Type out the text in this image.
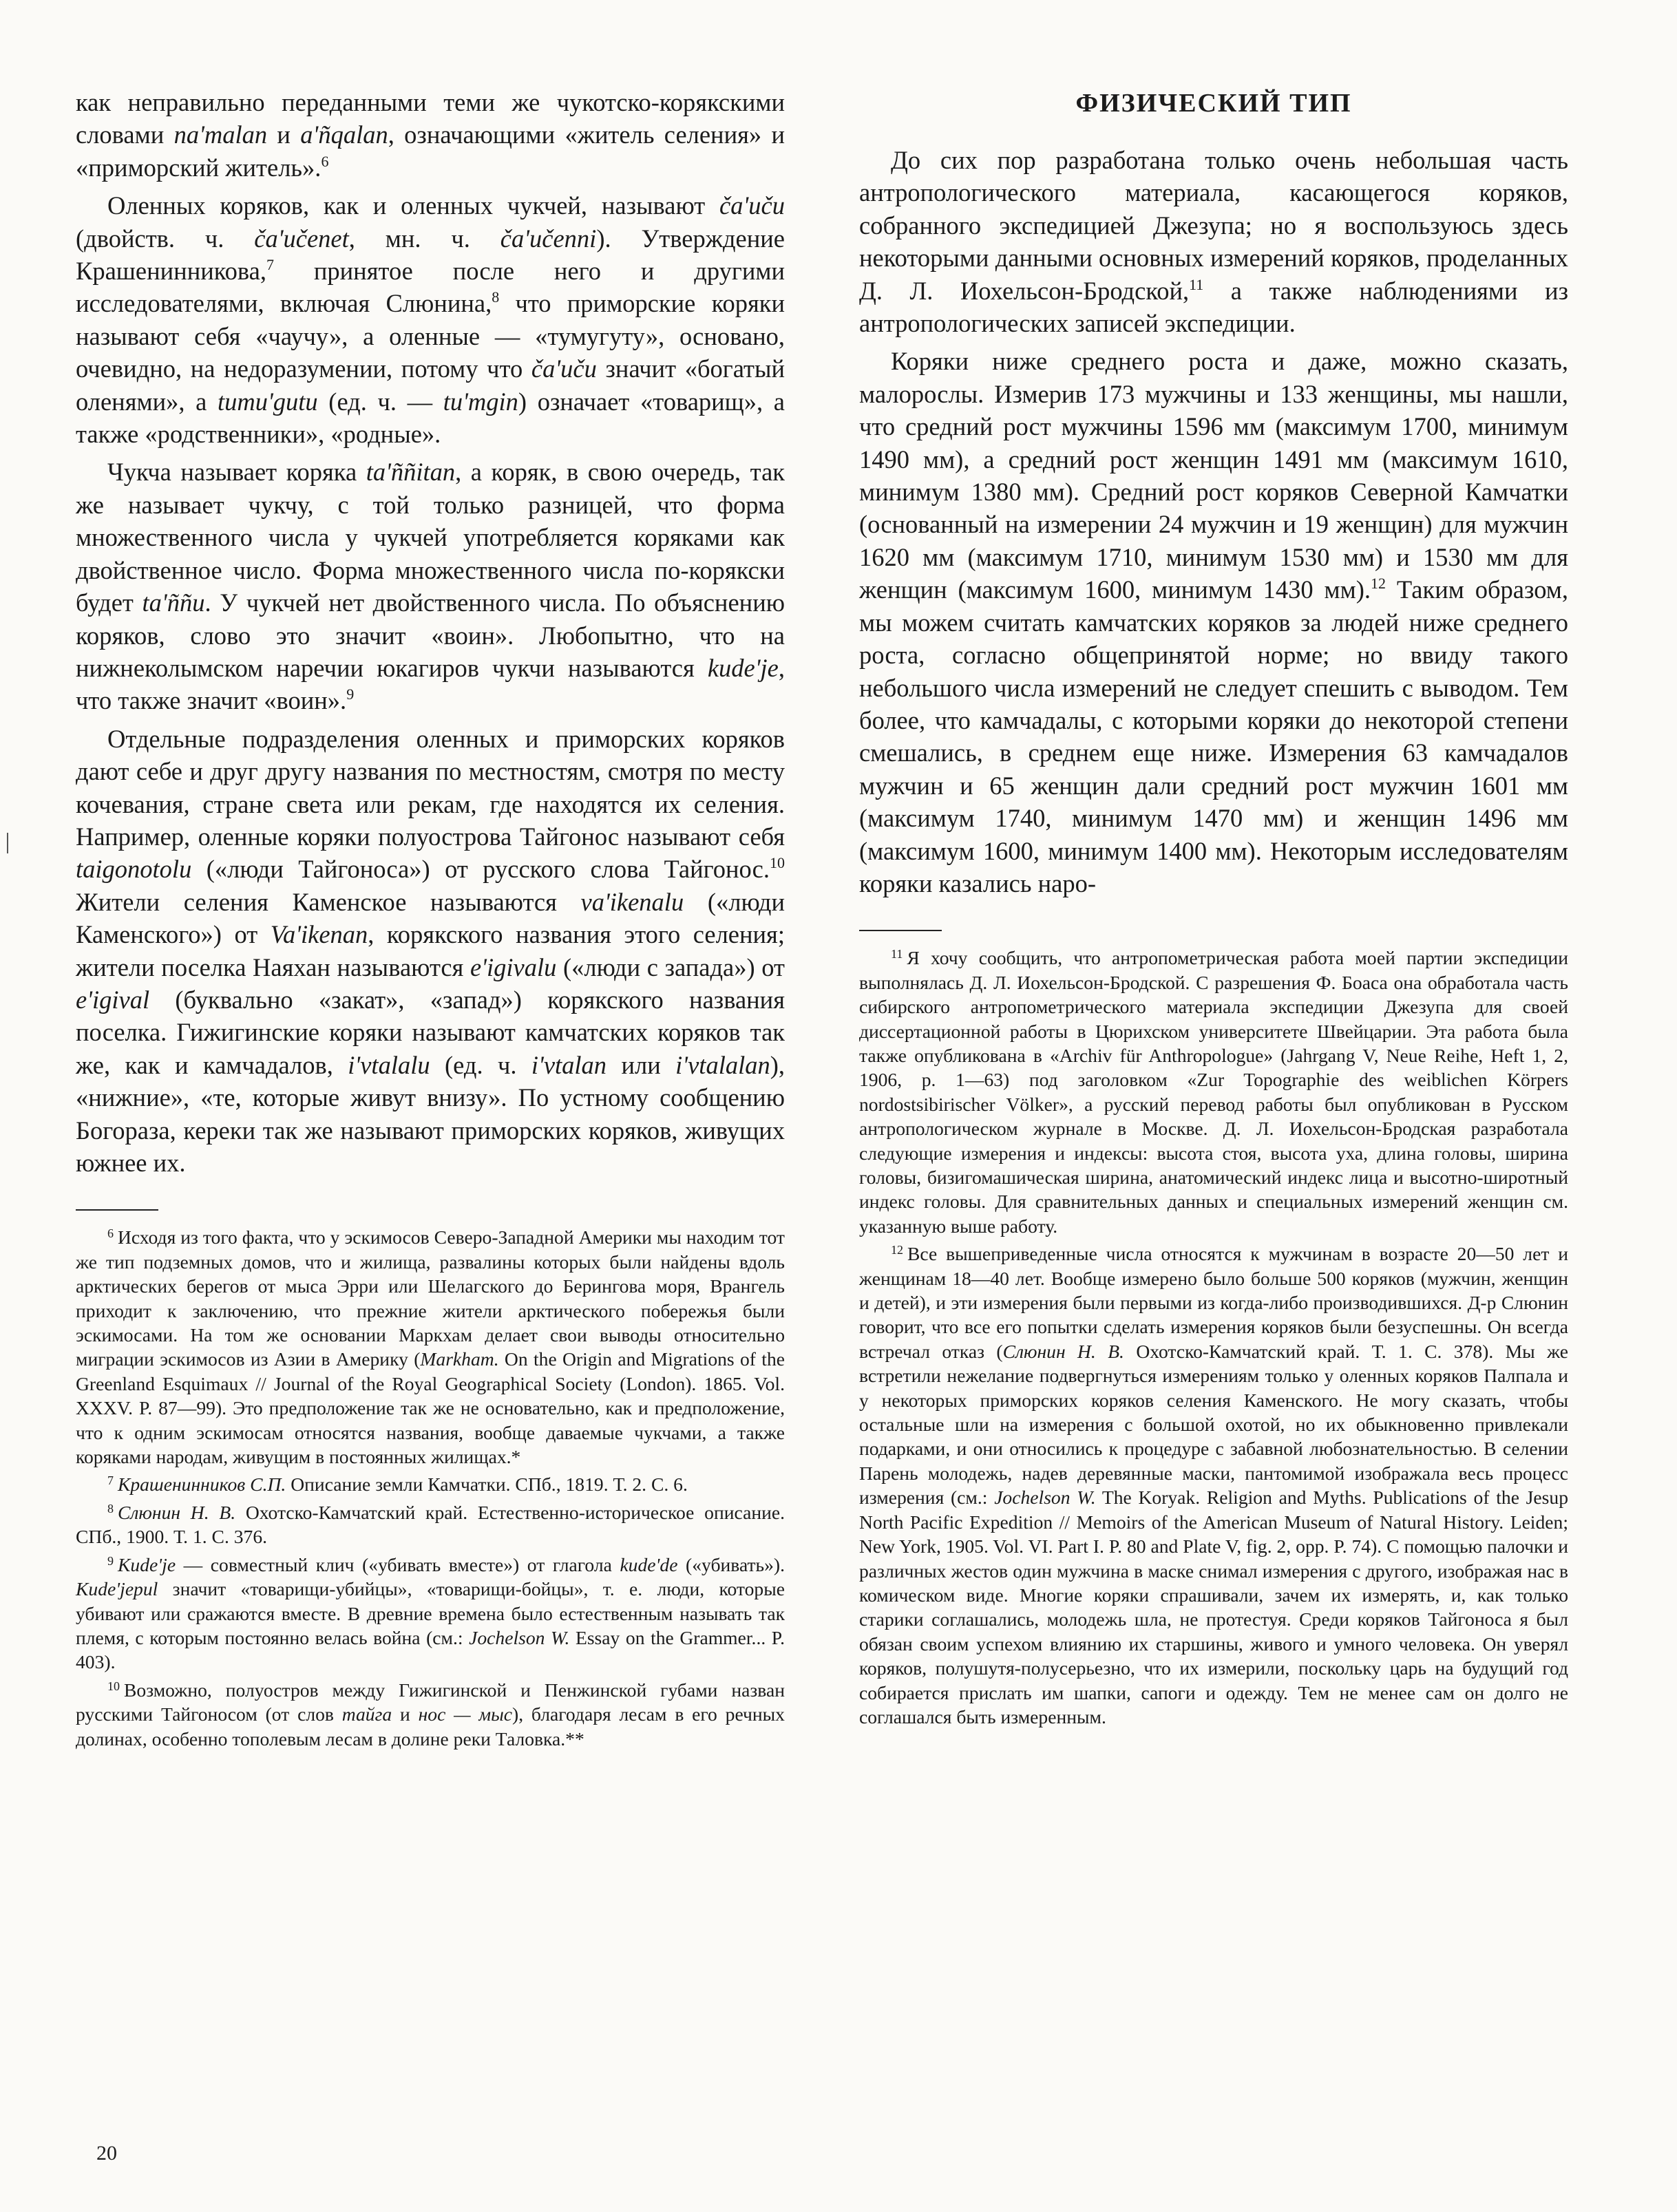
как неправильно переданными теми же чукотско-корякскими словами na'malan и a'ñqalan, означающими «житель селения» и «приморский житель».$^6$

Оленных коряков, как и оленных чукчей, называют ča'uču (двойств. ч. ča'učenet, мн. ч. ča'učenni). Утверждение Крашенинникова,$^7$ принятое после него и другими исследователями, включая Слюнина,$^8$ что приморские коряки называют себя «чаучу», а оленные — «тумугуту», основано, очевидно, на недоразумении, потому что ča'uču значит «богатый оленями», а tumu'gutu (ед. ч. — tu'mgin) означает «товарищ», а также «родственники», «родные».

Чукча называет коряка ta'ññitan, а коряк, в свою очередь, так же называет чукчу, с той только разницей, что форма множественного числа у чукчей употребляется коряками как двойственное число. Форма множественного числа по-корякски будет ta'ññu. У чукчей нет двойственного числа. По объяснению коряков, слово это значит «воин». Любопытно, что на нижнеколымском наречии юкагиров чукчи называются kude'je, что также значит «воин».$^9$

Отдельные подразделения оленных и приморских коряков дают себе и друг другу названия по местностям, смотря по месту кочевания, стране света или рекам, где находятся их селения. Например, оленные коряки полуострова Тайгонос называют себя taigonotolu («люди Тайгоноса») от русского слова Тайгонос.$^{10}$ Жители селения Каменское называются va'ikenalu («люди Каменского») от Va'ikenan, корякского названия этого селения; жители поселка Наяхан называются e'igivalu («люди с запада») от e'igival (буквально «закат», «запад») корякского названия поселка. Гижигинские коряки называют камчатских коряков так же, как и камчадалов, i'vtalalu (ед. ч. i'vtalan или i'vtalalan), «нижние», «те, которые живут внизу». По устному сообщению Богораза, кереки так же называют приморских коряков, живущих южнее их.

$^6$ Исходя из того факта, что у эскимосов Северо-Западной Америки мы находим тот же тип подземных домов, что и жилища, развалины которых были найдены вдоль арктических берегов от мыса Эрри или Шелагского до Берингова моря, Врангель приходит к заключению, что прежние жители арктического побережья были эскимосами. На том же основании Маркхам делает свои выводы относительно миграции эскимосов из Азии в Америку (Markham. On the Origin and Migrations of the Greenland Esquimaux // Journal of the Royal Geographical Society (London). 1865. Vol. XXXV. P. 87—99). Это предположение так же не основательно, как и предположение, что к одним эскимосам относятся названия, вообще даваемые чукчами, а также коряками народам, живущим в постоянных жилищах.*

$^7$ Крашенинников С.П. Описание земли Камчатки. СПб., 1819. Т. 2. С. 6.

$^8$ Слюнин Н. В. Охотско-Камчатский край. Естественно-историческое описание. СПб., 1900. Т. 1. С. 376.

$^9$ Kude'je — совместный клич («убивать вместе») от глагола kude'de («убивать»). Kude'jepul значит «товарищи-убийцы», «товарищи-бойцы», т. е. люди, которые убивают или сражаются вместе. В древние времена было естественным называть так племя, с которым постоянно велась война (см.: Jochelson W. Essay on the Grammer... P. 403).

$^{10}$ Возможно, полуостров между Гижигинской и Пенжинской губами назван русскими Тайгоносом (от слов тайга и нос — мыс), благодаря лесам в его речных долинах, особенно тополевым лесам в долине реки Таловка.**

ФИЗИЧЕСКИЙ ТИП

До сих пор разработана только очень небольшая часть антропологического материала, касающегося коряков, собранного экспедицией Джезупа; но я воспользуюсь здесь некоторыми данными основных измерений коряков, проделанных Д. Л. Иохельсон-Бродской,$^{11}$ а также наблюдениями из антропологических записей экспедиции.

Коряки ниже среднего роста и даже, можно сказать, малорослы. Измерив 173 мужчины и 133 женщины, мы нашли, что средний рост мужчины 1596 мм (максимум 1700, минимум 1490 мм), а средний рост женщин 1491 мм (максимум 1610, минимум 1380 мм). Средний рост коряков Северной Камчатки (основанный на измерении 24 мужчин и 19 женщин) для мужчин 1620 мм (максимум 1710, минимум 1530 мм) и 1530 мм для женщин (максимум 1600, минимум 1430 мм).$^{12}$ Таким образом, мы можем считать камчатских коряков за людей ниже среднего роста, согласно общепринятой норме; но ввиду такого небольшого числа измерений не следует спешить с выводом. Тем более, что камчадалы, с которыми коряки до некоторой степени смешались, в среднем еще ниже. Измерения 63 камчадалов мужчин и 65 женщин дали средний рост мужчин 1601 мм (максимум 1740, минимум 1470 мм) и женщин 1496 мм (максимум 1600, минимум 1400 мм). Некоторым исследователям коряки казались наро-

$^{11}$ Я хочу сообщить, что антропометрическая работа моей партии экспедиции выполнялась Д. Л. Иохельсон-Бродской. С разрешения Ф. Боаса она обработала часть сибирского антропометрического материала экспедиции Джезупа для своей диссертационной работы в Цюрихском университете Швейцарии. Эта работа была также опубликована в «Archiv für Anthropologue» (Jahrgang V, Neue Reihe, Heft 1, 2, 1906, p. 1—63) под заголовком «Zur Topographie des weiblichen Körpers nordostsibirischer Völker», а русский перевод работы был опубликован в Русском антропологическом журнале в Москве. Д. Л. Иохельсон-Бродская разработала следующие измерения и индексы: высота стоя, высота уха, длина головы, ширина головы, бизигомашическая ширина, анатомический индекс лица и высотно-широтный индекс головы. Для сравнительных данных и специальных измерений женщин см. указанную выше работу.

$^{12}$ Все вышеприведенные числа относятся к мужчинам в возрасте 20—50 лет и женщинам 18—40 лет. Вообще измерено было больше 500 коряков (мужчин, женщин и детей), и эти измерения были первыми из когда-либо производившихся. Д-р Слюнин говорит, что все его попытки сделать измерения коряков были безуспешны. Он всегда встречал отказ (Слюнин Н. В. Охотско-Камчатский край. Т. 1. С. 378). Мы же встретили нежелание подвергнуться измерениям только у оленных коряков Палпала и у некоторых приморских коряков селения Каменского. Не могу сказать, чтобы остальные шли на измерения с большой охотой, но их обыкновенно привлекали подарками, и они относились к процедуре с забавной любознательностью. В селении Парень молодежь, надев деревянные маски, пантомимой изображала весь процесс измерения (см.: Jochelson W. The Koryak. Religion and Myths. Publications of the Jesup North Pacific Expedition // Memoirs of the American Museum of Natural History. Leiden; New York, 1905. Vol. VI. Part I. P. 80 and Plate V, fig. 2, opp. P. 74). С помощью палочки и различных жестов один мужчина в маске снимал измерения с другого, изображая нас в комическом виде. Многие коряки спрашивали, зачем их измерять, и, как только старики соглашались, молодежь шла, не протестуя. Среди коряков Тайгоноса я был обязан своим успехом влиянию их старшины, живого и умного человека. Он уверял коряков, полушутя-полусерьезно, что их измерили, поскольку царь на будущий год собирается прислать им шапки, сапоги и одежду. Тем не менее сам он долго не соглашался быть измеренным.

20
